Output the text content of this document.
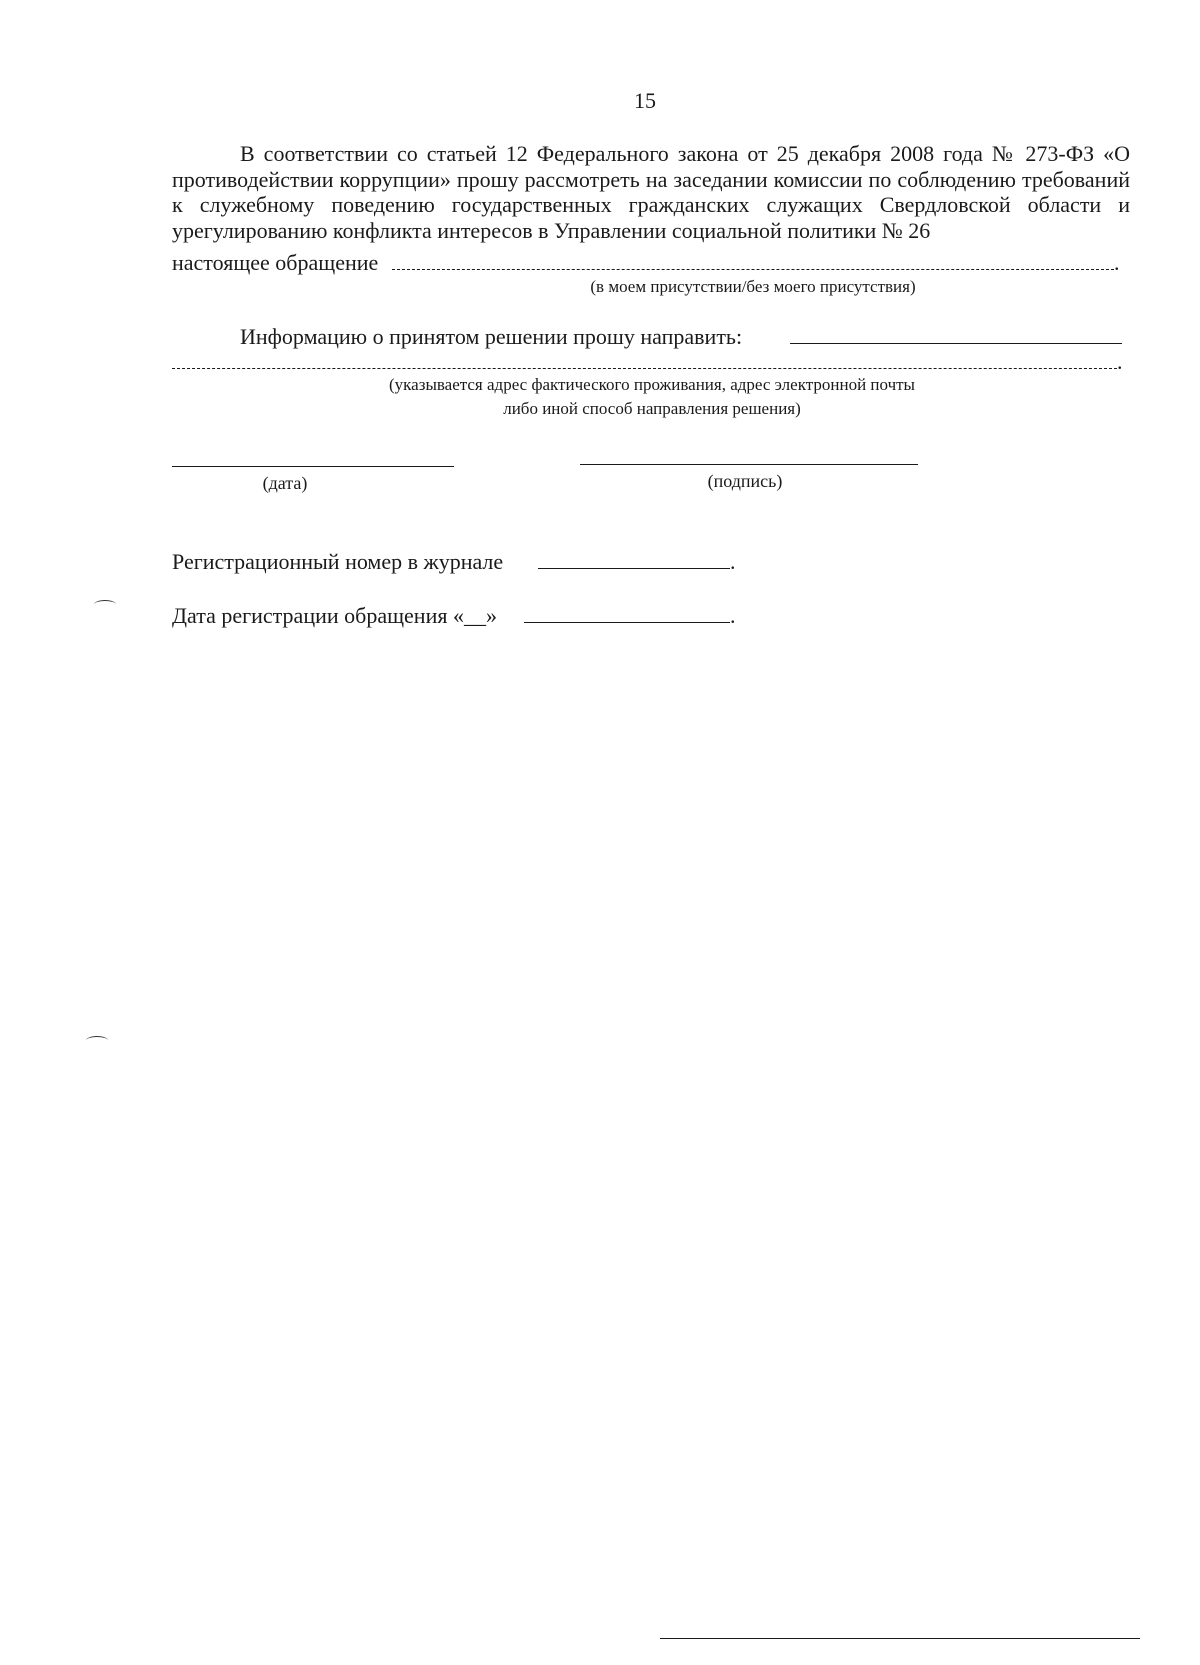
15

В соответствии со статьей 12 Федерального закона от 25 декабря 2008 года № 273-ФЗ «О противодействии коррупции» прошу рассмотреть на заседании комиссии по соблюдению требований к служебному поведению государственных гражданских служащих Свердловской области и урегулированию конфликта интересов в Управлении социальной политики № 26

настоящее обращение	.
(в моем присутствии/без моего присутствия)
Информацию о принятом решении прошу направить:
.
(указывается адрес фактического проживания, адрес электронной почты
либо иной способ направления решения)
(дата)	(подпись)
Регистрационный номер в журнале	.
Дата регистрации обращения «__»	.
